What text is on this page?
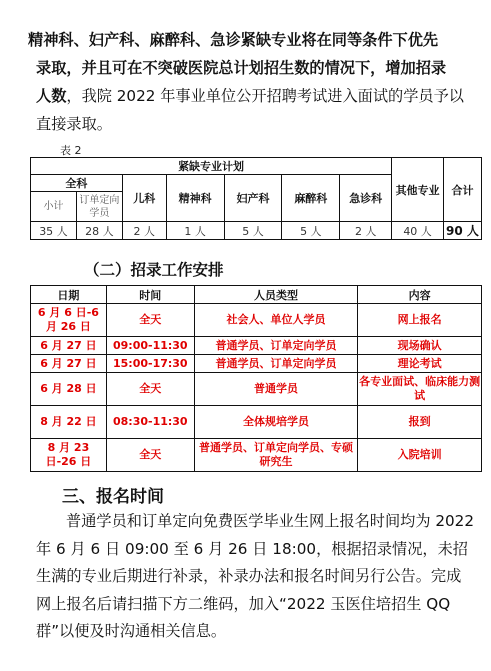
精神科、妇产科、麻醉科、急诊紧缺专业将在同等条件下优先
录取，并且可在不突破医院总计划招生数的情况下，增加招录
人数，我院 2022 年事业单位公开招聘考试进入面试的学员予以
直接录取。
表 2
紧缺专业计划							其他专业	合计
全科		儿科	精神科	妇产科	麻醉科	急诊科		
小计	订单定向学员							
35 人	28 人	2 人	1 人	5 人	5 人	2 人	40 人	90 人
（二）招录工作安排
日期	时间	人员类型	内容
6 月 6 日-6 月 26 日	全天	社会人、单位人学员	网上报名
6 月 27 日	09:00-11:30	普通学员、订单定向学员	现场确认
6 月 27 日	15:00-17:30	普通学员、订单定向学员	理论考试
6 月 28 日	全天	普通学员	各专业面试、临床能力测试
8 月 22 日	08:30-11:30	全体规培学员	报到
8 月 23 日-26 日	全天	普通学员、订单定向学员、专硕研究生	入院培训
三、报名时间
普通学员和订单定向免费医学毕业生网上报名时间均为 2022 年 6 月 6 日 09:00 至 6 月 26 日 18:00，根据招录情况，未招生满的专业后期进行补录，补录办法和报名时间另行公告。完成网上报名后请扫描下方二维码，加入“2022 玉医住培招生 QQ 群”以便及时沟通相关信息。
